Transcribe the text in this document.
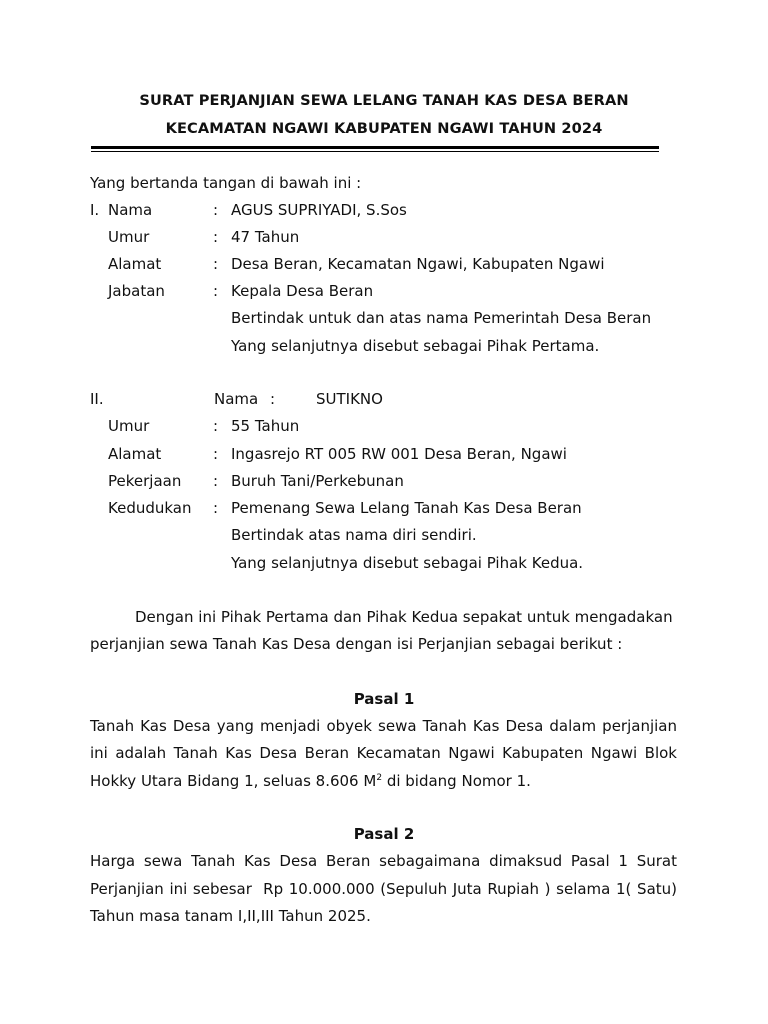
SURAT PERJANJIAN SEWA LELANG TANAH KAS DESA BERAN
KECAMATAN NGAWI KABUPATEN NGAWI TAHUN 2024
Yang bertanda tangan di bawah ini :
I. Nama	: AGUS SUPRIYADI, S.Sos
Umur	: 47 Tahun
Alamat	: Desa Beran, Kecamatan Ngawi, Kabupaten Ngawi
Jabatan	: Kepala Desa Beran
Bertindak untuk dan atas nama Pemerintah Desa Beran
Yang selanjutnya disebut sebagai Pihak Pertama.
II.	Nama :	SUTIKNO
Umur	: 55 Tahun
Alamat	: Ingasrejo RT 005 RW 001 Desa Beran, Ngawi
Pekerjaan : Buruh Tani/Perkebunan
Kedudukan : Pemenang Sewa Lelang Tanah Kas Desa Beran
Bertindak atas nama diri sendiri.
Yang selanjutnya disebut sebagai Pihak Kedua.
Dengan ini Pihak Pertama dan Pihak Kedua sepakat untuk mengadakan
perjanjian sewa Tanah Kas Desa dengan isi Perjanjian sebagai berikut :
Pasal 1
Tanah Kas Desa yang menjadi obyek sewa Tanah Kas Desa dalam perjanjian
ini adalah Tanah Kas Desa Beran Kecamatan Ngawi Kabupaten Ngawi Blok
Hokky Utara Bidang 1, seluas 8.606 $M^2$ di bidang Nomor 1.
Pasal 2
Harga sewa Tanah Kas Desa Beran sebagaimana dimaksud Pasal 1 Surat
Perjanjian ini sebesar  Rp 10.000.000 (Sepuluh Juta Rupiah ) selama 1( Satu)
Tahun masa tanam I,II,III Tahun 2025.
